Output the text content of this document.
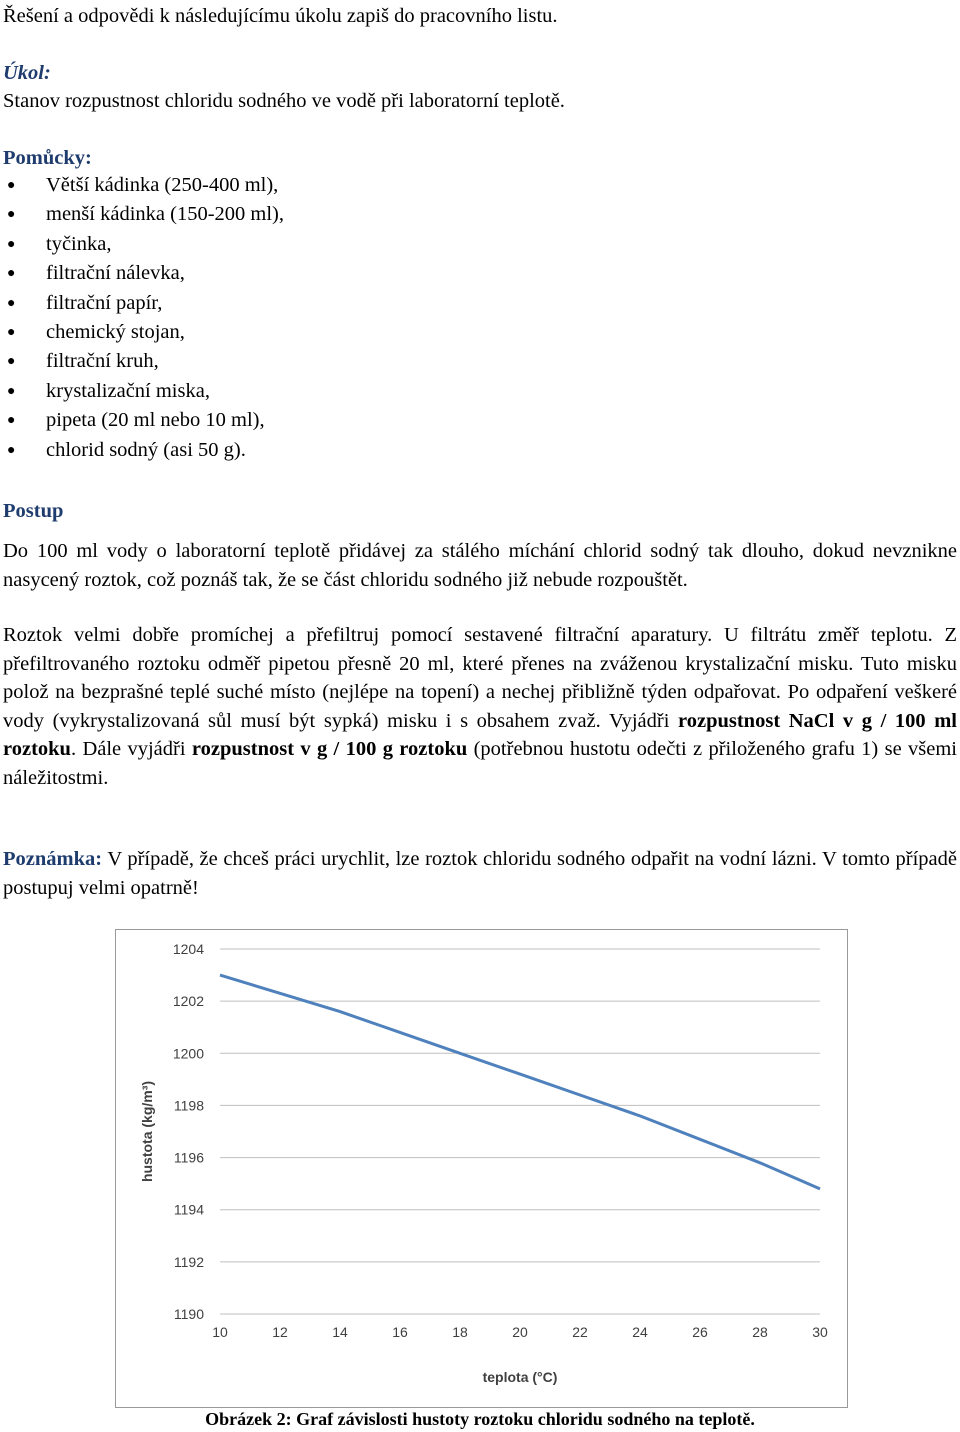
Řešení a odpovědi k následujícímu úkolu zapiš do pracovního listu.
Úkol:
Stanov rozpustnost chloridu sodného ve vodě při laboratorní teplotě.
Pomůcky:
● Větší kádinka (250-400 ml),
● menší kádinka (150-200 ml),
● tyčinka,
● filtrační nálevka,
● filtrační papír,
● chemický stojan,
● filtrační kruh,
● krystalizační miska,
● pipeta (20 ml nebo 10 ml),
● chlorid sodný (asi 50 g).
Postup
Do 100 ml vody o laboratorní teplotě přidávej za stálého míchání chlorid sodný tak dlouho, dokud nevznikne nasycený roztok, což poznáš tak, že se část chloridu sodného již nebude rozpouštět.
Roztok velmi dobře promíchej a přefiltruj pomocí sestavené filtrační aparatury. U filtrátu změř teplotu. Z přefiltrovaného roztoku odměř pipetou přesně 20 ml, které přenes na zváženou krystalizační misku. Tuto misku polož na bezprašné teplé suché místo (nejlépe na topení) a nechej přibližně týden odpařovat. Po odpaření veškeré vody (vykrystalizovaná sůl musí být sypká) misku i s obsahem zvaž. Vyjádři rozpustnost NaCl v g / 100 ml roztoku. Dále vyjádři rozpustnost v g / 100 g roztoku (potřebnou hustotu odečti z přiloženého grafu 1) se všemi náležitostmi.
Poznámka: V případě, že chceš práci urychlit, lze roztok chloridu sodného odpařit na vodní lázni. V tomto případě postupuj velmi opatrně!
1190
1192
1194
1196
1198
1200
1202
1204
10	12	14	16	18	20	22	24	26	28	30
teplota (°C)
hustota (kg/m³)
Obrázek 2: Graf závislosti hustoty roztoku chloridu sodného na teplotě.
